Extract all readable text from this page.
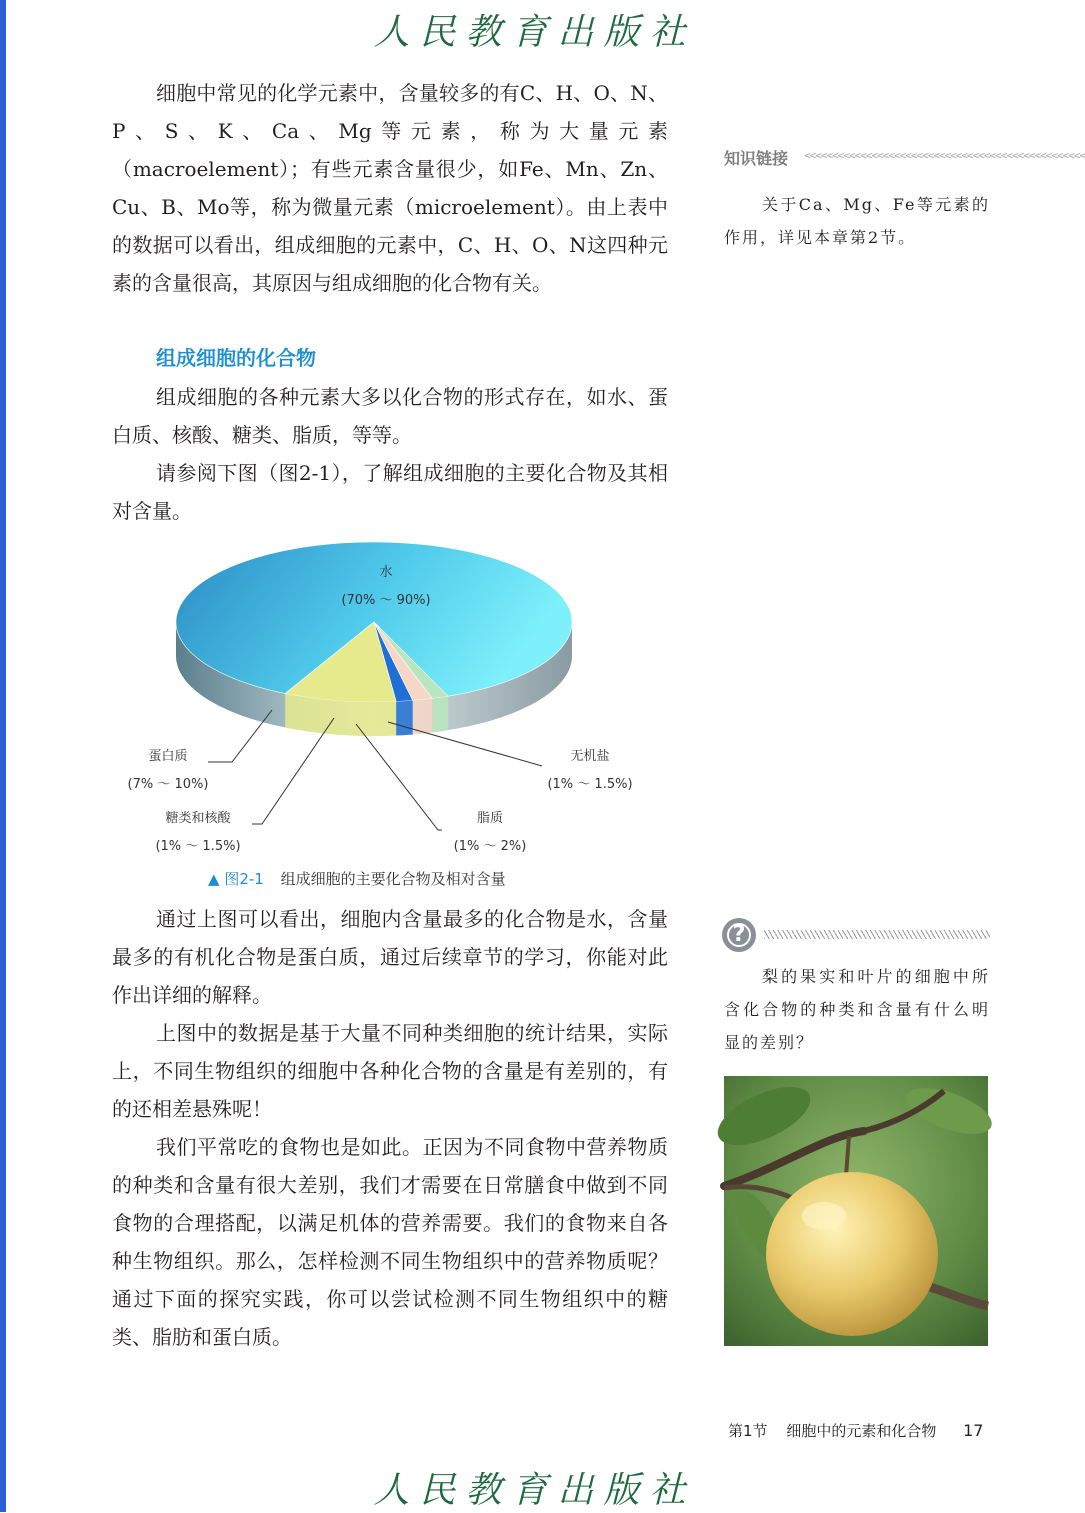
人民教育出版社

细胞中常见的化学元素中，含量较多的有C、H、O、N、P、S、K、Ca、Mg等元素，称为大量元素（macroelement）；有些元素含量很少，如Fe、Mn、Zn、Cu、B、Mo等，称为微量元素（microelement）。由上表中的数据可以看出，组成细胞的元素中，C、H、O、N这四种元素的含量很高，其原因与组成细胞的化合物有关。

组成细胞的化合物

组成细胞的各种元素大多以化合物的形式存在，如水、蛋白质、核酸、糖类、脂质，等等。

请参阅下图（图2-1），了解组成细胞的主要化合物及其相对含量。

水
(70% ～ 90%)
蛋白质
(7% ～ 10%)
糖类和核酸
(1% ～ 1.5%)
脂质
(1% ～ 2%)
无机盐
(1% ～ 1.5%)
▲ 图2-1 组成细胞的主要化合物及相对含量

通过上图可以看出，细胞内含量最多的化合物是水，含量最多的有机化合物是蛋白质，通过后续章节的学习，你能对此作出详细的解释。

上图中的数据是基于大量不同种类细胞的统计结果，实际上，不同生物组织的细胞中各种化合物的含量是有差别的，有的还相差悬殊呢！

我们平常吃的食物也是如此。正因为不同食物中营养物质的种类和含量有很大差别，我们才需要在日常膳食中做到不同食物的合理搭配，以满足机体的营养需要。我们的食物来自各种生物组织。那么，怎样检测不同生物组织中的营养物质呢？通过下面的探究实践，你可以尝试检测不同生物组织中的糖类、脂肪和蛋白质。

知识链接 <<<<<<<<<<<<<<<<<<<<<<<<<<<<<<<<<<<<<<<<<<<<<<<<<<

关于Ca、Mg、Fe等元素的作用，详见本章第2节。

?

梨的果实和叶片的细胞中所含化合物的种类和含量有什么明显的差别？

第1节 细胞中的元素和化合物 17
人民教育出版社
